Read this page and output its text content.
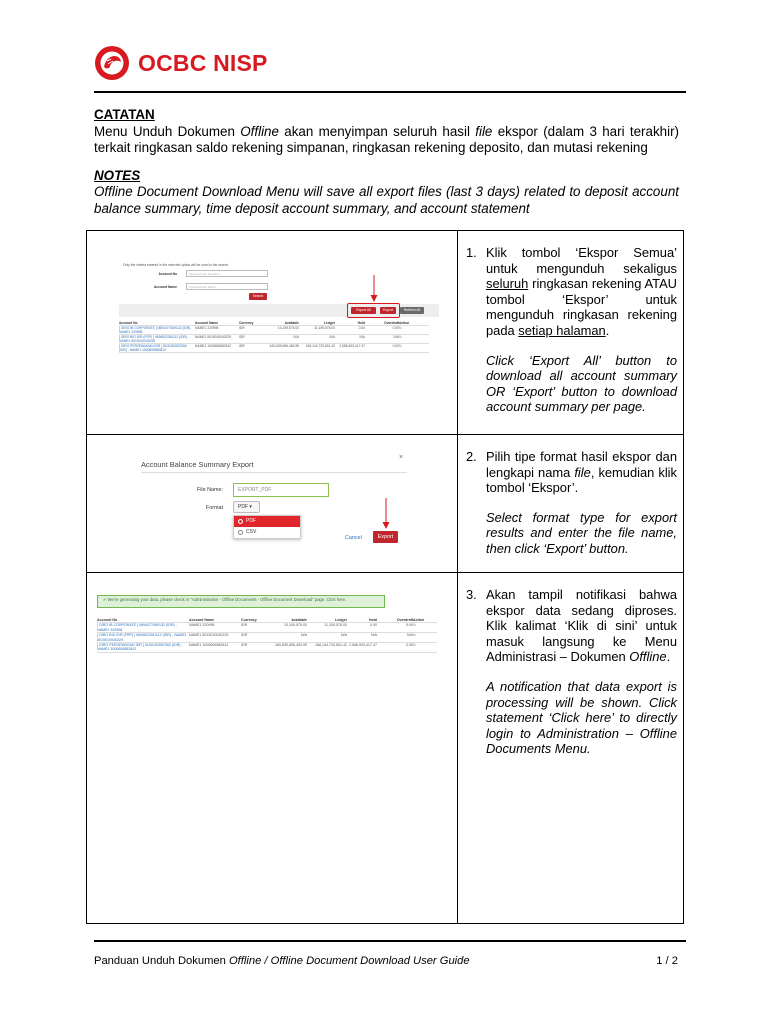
OCBC NISP
CATATAN

Menu Unduh Dokumen Offline akan menyimpan seluruh hasil file ekspor (dalam 3 hari terakhir) terkait ringkasan saldo rekening simpanan, ringkasan rekening deposito, dan mutasi rekening

NOTES

Offline Document Download Menu will save all export files (last 3 days) related to deposit account balance summary, time deposit account summary, and account statement

Only the criteria entered in the selected option will be used in the search.
Account No	Type Account No Here...
Account Name	Type Account Name...
Search
Export All	Export	Refresh All
Account No	Account Name	Currency	Available	Ledger	Hold	Overdraft	Action
[ GIRO IB CORPORATE ] 0694477069132 (IDR) - NAME1 320998	NAME1 320998	IDR	10,159,575.00	11,159,578.00	0.00	0.00	↻
[ GIRO BIG IDR (FRP) ] 0694822061112 (IDR) - NAME1 8019010040229	NAME1 8019010040229	IDR	N/A	N/A	N/A	N/A	↻
[ GIRO PERORANGAN IDR ] 5100152057060 (IDR) - NAME1 1000606582812	NAME1 1000606582812	IDR	160,839,656,483.95	168,144,733,651.42	2,586,903,417.47	0.00	↻
1. Klik tombol ‘Ekspor Semua’ untuk mengunduh sekaligus seluruh ringkasan rekening ATAU tombol ‘Ekspor’ untuk mengunduh ringkasan rekening pada setiap halaman.

Click ‘Export All’ button to download all account summary OR ‘Export’ button to download account summary per page.

Account Balance Summary Export
×
File Name:	EXPORT_PDF
Format	PDF ▾
PDF
CSV
Cancel	Export
2. Pilih tipe format hasil ekspor dan lengkapi nama file, kemudian klik tombol ‘Ekspor’.

Select format type for export results and enter the file name, then click ‘Export’ button.

✔ We're generating your data, please check in "Administration - Offline Documents - Offline Document Download" page. Click here.
Account No	Account Name	Currency	Available	Ledger	Hold	Overdraft	Action
[ GIRO IB CORPORATE ] 0694477069132 (IDR) - NAME1 320998	NAME1 320998	IDR	10,159,575.00	11,159,578.00	0.00	0.00	↻
[ GIRO BIG IDR (FRP) ] 0694822061112 (IDR) - NAME1 8019010040229	NAME1 8019010040229	IDR	N/A	N/A	N/A	N/A	↻
[ GIRO PERORANGAN IDR ] 5100152057060 (IDR) - NAME1 1000606582812	NAME1 1000606582812	IDR	160,839,656,483.95	168,144,733,651.42	2,586,903,417.47	0.00	↻
3. Akan tampil notifikasi bahwa ekspor data sedang diproses. Klik kalimat ‘Klik di sini’ untuk masuk langsung ke Menu Administrasi – Dokumen Offline.

A notification that data export is processing will be shown. Click statement ‘Click here’ to directly login to Administration – Offline Documents Menu.

Panduan Unduh Dokumen Offline / Offline Document Download User Guide	1 / 2
